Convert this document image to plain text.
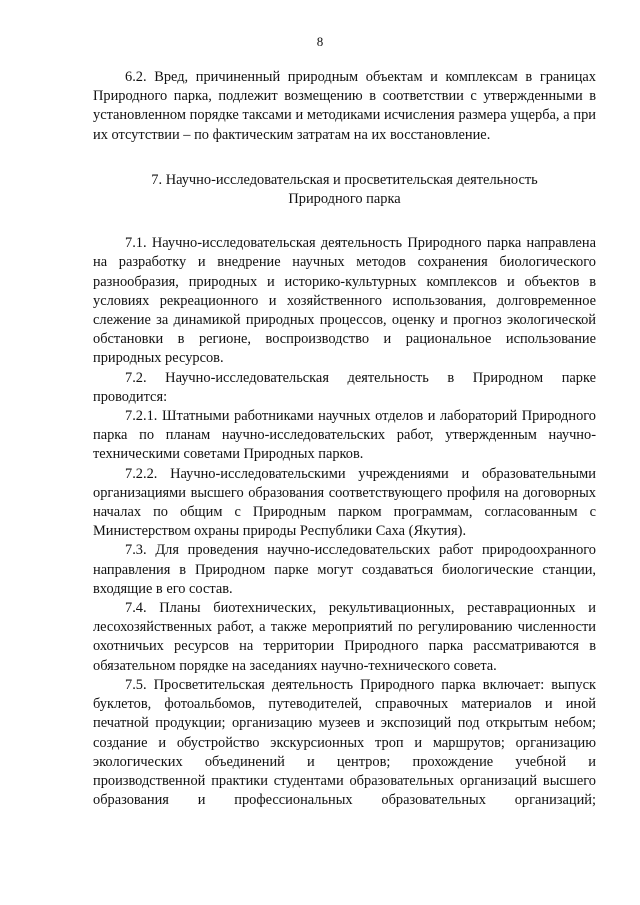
8

6.2. Вред, причиненный природным объектам и комплексам в границах Природного парка, подлежит возмещению в соответствии с утвержденными в установленном порядке таксами и методиками исчисления размера ущерба, а при их отсутствии – по фактическим затратам на их восстановление.

7. Научно-исследовательская и просветительская деятельность
Природного парка

7.1. Научно-исследовательская деятельность Природного парка направлена на разработку и внедрение научных методов сохранения биологического разнообразия, природных и историко-культурных комплексов и объектов в условиях рекреационного и хозяйственного использования, долговременное слежение за динамикой природных процессов, оценку и прогноз экологической обстановки в регионе, воспроизводство и рациональное использование природных ресурсов.

7.2. Научно-исследовательская деятельность в Природном парке проводится:

7.2.1. Штатными работниками научных отделов и лабораторий Природного парка по планам научно-исследовательских работ, утвержденным научно-техническими советами Природных парков.

7.2.2. Научно-исследовательскими учреждениями и образовательными организациями высшего образования соответствующего профиля на договорных началах по общим с Природным парком программам, согласованным с Министерством охраны природы Республики Саха (Якутия).

7.3. Для проведения научно-исследовательских работ природоохранного направления в Природном парке могут создаваться биологические станции, входящие в его состав.

7.4. Планы биотехнических, рекультивационных, реставрационных и лесохозяйственных работ, а также мероприятий по регулированию численности охотничьих ресурсов на территории Природного парка рассматриваются в обязательном порядке на заседаниях научно-технического совета.

7.5. Просветительская деятельность Природного парка включает: выпуск буклетов, фотоальбомов, путеводителей, справочных материалов и иной печатной продукции; организацию музеев и экспозиций под открытым небом; создание и обустройство экскурсионных троп и маршрутов; организацию экологических объединений и центров; прохождение учебной и производственной практики студентами образовательных организаций высшего образования и профессиональных образовательных организаций;
